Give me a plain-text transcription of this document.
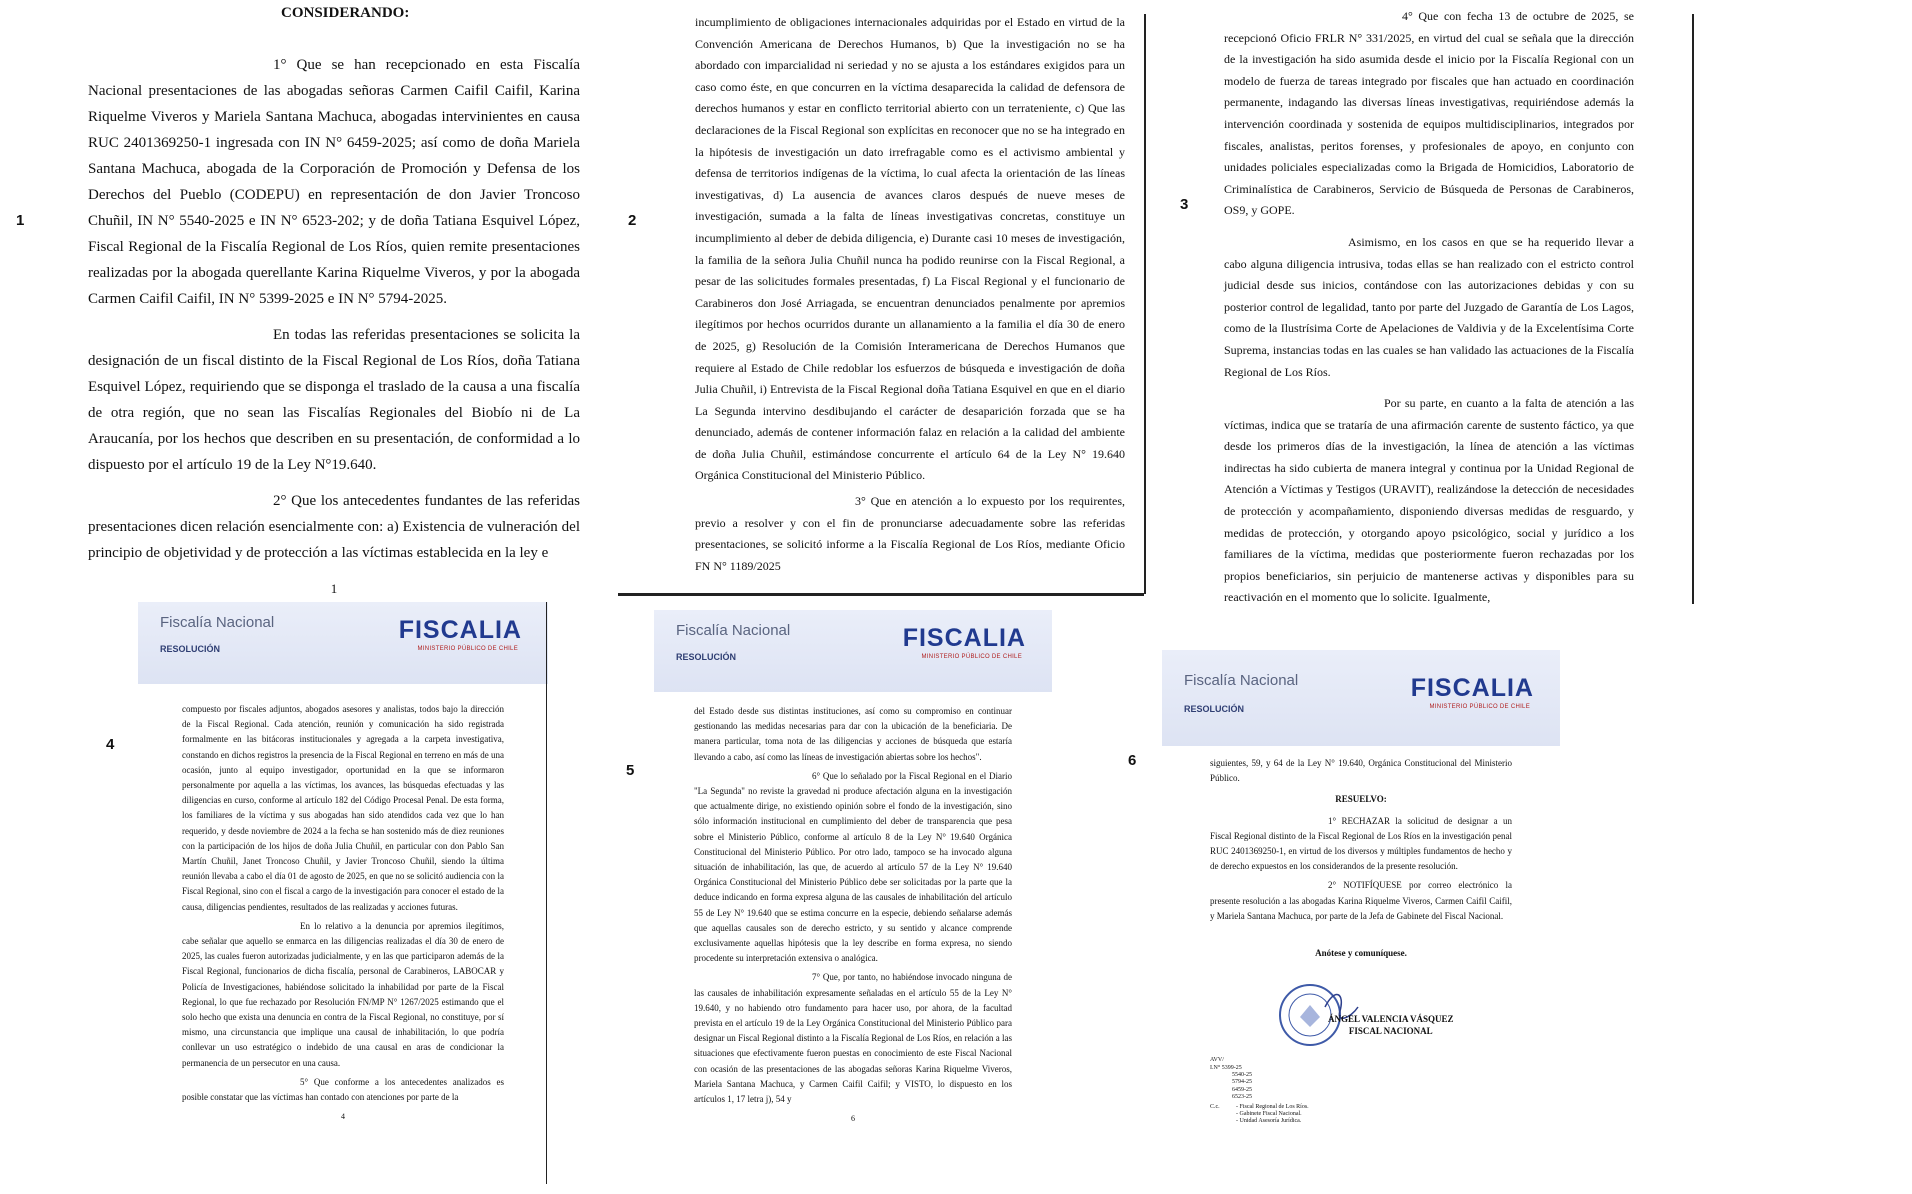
CONSIDERANDO:

1° Que se han recepcionado en esta Fiscalía Nacional presentaciones de las abogadas señoras Carmen Caifil Caifil, Karina Riquelme Viveros y Mariela Santana Machuca, abogadas intervinientes en causa RUC 2401369250-1 ingresada con IN N° 6459-2025; así como de doña Mariela Santana Machuca, abogada de la Corporación de Promoción y Defensa de los Derechos del Pueblo (CODEPU) en representación de don Javier Troncoso Chuñil, IN N° 5540-2025 e IN N° 6523-202; y de doña Tatiana Esquivel López, Fiscal Regional de la Fiscalía Regional de Los Ríos, quien remite presentaciones realizadas por la abogada querellante Karina Riquelme Viveros, y por la abogada Carmen Caifil Caifil, IN N° 5399-2025 e IN N° 5794-2025.

En todas las referidas presentaciones se solicita la designación de un fiscal distinto de la Fiscal Regional de Los Ríos, doña Tatiana Esquivel López, requiriendo que se disponga el traslado de la causa a una fiscalía de otra región, que no sean las Fiscalías Regionales del Biobío ni de La Araucanía, por los hechos que describen en su presentación, de conformidad a lo dispuesto por el artículo 19 de la Ley N°19.640.

2° Que los antecedentes fundantes de las referidas presentaciones dicen relación esencialmente con: a) Existencia de vulneración del principio de objetividad y de protección a las víctimas establecida en la ley e

1
1

incumplimiento de obligaciones internacionales adquiridas por el Estado en virtud de la Convención Americana de Derechos Humanos, b) Que la investigación no se ha abordado con imparcialidad ni seriedad y no se ajusta a los estándares exigidos para un caso como éste, en que concurren en la víctima desaparecida la calidad de defensora de derechos humanos y estar en conflicto territorial abierto con un terrateniente, c) Que las declaraciones de la Fiscal Regional son explícitas en reconocer que no se ha integrado en la hipótesis de investigación un dato irrefragable como es el activismo ambiental y defensa de territorios indígenas de la víctima, lo cual afecta la orientación de las líneas investigativas, d) La ausencia de avances claros después de nueve meses de investigación, sumada a la falta de líneas investigativas concretas, constituye un incumplimiento al deber de debida diligencia, e) Durante casi 10 meses de investigación, la familia de la señora Julia Chuñil nunca ha podido reunirse con la Fiscal Regional, a pesar de las solicitudes formales presentadas, f) La Fiscal Regional y el funcionario de Carabineros don José Arriagada, se encuentran denunciados penalmente por apremios ilegítimos por hechos ocurridos durante un allanamiento a la familia el día 30 de enero de 2025, g) Resolución de la Comisión Interamericana de Derechos Humanos que requiere al Estado de Chile redoblar los esfuerzos de búsqueda e investigación de doña Julia Chuñil, i) Entrevista de la Fiscal Regional doña Tatiana Esquivel en que en el diario La Segunda intervino desdibujando el carácter de desaparición forzada que se ha denunciado, además de contener información falaz en relación a la calidad del ambiente de doña Julia Chuñil, estimándose concurrente el artículo 64 de la Ley N° 19.640 Orgánica Constitucional del Ministerio Público.

3° Que en atención a lo expuesto por los requirentes, previo a resolver y con el fin de pronunciarse adecuadamente sobre las referidas presentaciones, se solicitó informe a la Fiscalía Regional de Los Ríos, mediante Oficio FN N° 1189/2025

2

4° Que con fecha 13 de octubre de 2025, se recepcionó Oficio FRLR N° 331/2025, en virtud del cual se señala que la dirección de la investigación ha sido asumida desde el inicio por la Fiscalía Regional con un modelo de fuerza de tareas integrado por fiscales que han actuado en coordinación permanente, indagando las diversas líneas investigativas, requiriéndose además la intervención coordinada y sostenida de equipos multidisciplinarios, integrados por fiscales, analistas, peritos forenses, y profesionales de apoyo, en conjunto con unidades policiales especializadas como la Brigada de Homicidios, Laboratorio de Criminalística de Carabineros, Servicio de Búsqueda de Personas de Carabineros, OS9, y GOPE.

Asimismo, en los casos en que se ha requerido llevar a cabo alguna diligencia intrusiva, todas ellas se han realizado con el estricto control judicial desde sus inicios, contándose con las autorizaciones debidas y con su posterior control de legalidad, tanto por parte del Juzgado de Garantía de Los Lagos, como de la Ilustrísima Corte de Apelaciones de Valdivia y de la Excelentísima Corte Suprema, instancias todas en las cuales se han validado las actuaciones de la Fiscalía Regional de Los Ríos.

Por su parte, en cuanto a la falta de atención a las víctimas, indica que se trataría de una afirmación carente de sustento fáctico, ya que desde los primeros días de la investigación, la línea de atención a las víctimas indirectas ha sido cubierta de manera integral y continua por la Unidad Regional de Atención a Víctimas y Testigos (URAVIT), realizándose la detección de necesidades de protección y acompañamiento, disponiendo diversas medidas de resguardo, y medidas de protección, y otorgando apoyo psicológico, social y jurídico a los familiares de la víctima, medidas que posteriormente fueron rechazadas por los propios beneficiarios, sin perjuicio de mantenerse activas y disponibles para su reactivación en el momento que lo solicite. Igualmente,

3
Fiscalía Nacional
RESOLUCIÓN
FISCALIA
MINISTERIO PÚBLICO DE CHILE

compuesto por fiscales adjuntos, abogados asesores y analistas, todos bajo la dirección de la Fiscal Regional. Cada atención, reunión y comunicación ha sido registrada formalmente en las bitácoras institucionales y agregada a la carpeta investigativa, constando en dichos registros la presencia de la Fiscal Regional en terreno en más de una ocasión, junto al equipo investigador, oportunidad en la que se informaron personalmente por aquella a las víctimas, los avances, las búsquedas efectuadas y las diligencias en curso, conforme al artículo 182 del Código Procesal Penal. De esta forma, los familiares de la víctima y sus abogadas han sido atendidos cada vez que lo han requerido, y desde noviembre de 2024 a la fecha se han sostenido más de diez reuniones con la participación de los hijos de doña Julia Chuñil, en particular con don Pablo San Martín Chuñil, Janet Troncoso Chuñil, y Javier Troncoso Chuñil, siendo la última reunión llevaba a cabo el día 01 de agosto de 2025, en que no se solicitó audiencia con la Fiscal Regional, sino con el fiscal a cargo de la investigación para conocer el estado de la causa, diligencias pendientes, resultados de las realizadas y acciones futuras.

En lo relativo a la denuncia por apremios ilegítimos, cabe señalar que aquello se enmarca en las diligencias realizadas el día 30 de enero de 2025, las cuales fueron autorizadas judicialmente, y en las que participaron además de la Fiscal Regional, funcionarios de dicha fiscalía, personal de Carabineros, LABOCAR y Policía de Investigaciones, habiéndose solicitado la inhabilidad por parte de la Fiscal Regional, lo que fue rechazado por Resolución FN/MP N° 1267/2025 estimando que el solo hecho que exista una denuncia en contra de la Fiscal Regional, no constituye, por sí mismo, una circunstancia que implique una causal de inhabilitación, lo que podría conllevar un uso estratégico o indebido de una causal en aras de condicionar la permanencia de un persecutor en una causa.

5° Que conforme a los antecedentes analizados es posible constatar que las víctimas han contado con atenciones por parte de la

4
4
Fiscalía Nacional
RESOLUCIÓN
FISCALIA
MINISTERIO PÚBLICO DE CHILE

del Estado desde sus distintas instituciones, así como su compromiso en continuar gestionando las medidas necesarias para dar con la ubicación de la beneficiaria. De manera particular, toma nota de las diligencias y acciones de búsqueda que estaría llevando a cabo, así como las líneas de investigación abiertas sobre los hechos".

6° Que lo señalado por la Fiscal Regional en el Diario "La Segunda" no reviste la gravedad ni produce afectación alguna en la investigación que actualmente dirige, no existiendo opinión sobre el fondo de la investigación, sino sólo información institucional en cumplimiento del deber de transparencia que pesa sobre el Ministerio Público, conforme al artículo 8 de la Ley N° 19.640 Orgánica Constitucional del Ministerio Público. Por otro lado, tampoco se ha invocado alguna situación de inhabilitación, las que, de acuerdo al artículo 57 de la Ley N° 19.640 Orgánica Constitucional del Ministerio Público debe ser solicitadas por la parte que la deduce indicando en forma expresa alguna de las causales de inhabilitación del artículo 55 de Ley N° 19.640 que se estima concurre en la especie, debiendo señalarse además que aquellas causales son de derecho estricto, y su sentido y alcance comprende exclusivamente aquellas hipótesis que la ley describe en forma expresa, no siendo procedente su interpretación extensiva o analógica.

7° Que, por tanto, no habiéndose invocado ninguna de las causales de inhabilitación expresamente señaladas en el artículo 55 de la Ley N° 19.640, y no habiendo otro fundamento para hacer uso, por ahora, de la facultad prevista en el artículo 19 de la Ley Orgánica Constitucional del Ministerio Público para designar un Fiscal Regional distinto a la Fiscalía Regional de Los Ríos, en relación a las situaciones que efectivamente fueron puestas en conocimiento de este Fiscal Nacional con ocasión de las presentaciones de las abogadas señoras Karina Riquelme Viveros, Mariela Santana Machuca, y Carmen Caifil Caifil; y VISTO, lo dispuesto en los artículos 1, 17 letra j), 54 y

6
5
Fiscalía Nacional
RESOLUCIÓN
FISCALIA
MINISTERIO PÚBLICO DE CHILE

siguientes, 59, y 64 de la Ley N° 19.640, Orgánica Constitucional del Ministerio Público.

RESUELVO:

1° RECHAZAR la solicitud de designar a un Fiscal Regional distinto de la Fiscal Regional de Los Ríos en la investigación penal RUC 2401369250-1, en virtud de los diversos y múltiples fundamentos de hecho y de derecho expuestos en los considerandos de la presente resolución.

2° NOTIFÍQUESE por correo electrónico la presente resolución a las abogadas Karina Riquelme Viveros, Carmen Caifil Caifil, y Mariela Santana Machuca, por parte de la Jefa de Gabinete del Fiscal Nacional.

Anótese y comuníquese.
ÁNGEL VALENCIA VÁSQUEZ
FISCAL NACIONAL
AVV/
I.N° 5399-25
5540-25
5794-25
6459-25
6523-25
C.c.	- Fiscal Regional de Los Ríos.
- Gabinete Fiscal Nacional.
- Unidad Asesoría Jurídica.
6
